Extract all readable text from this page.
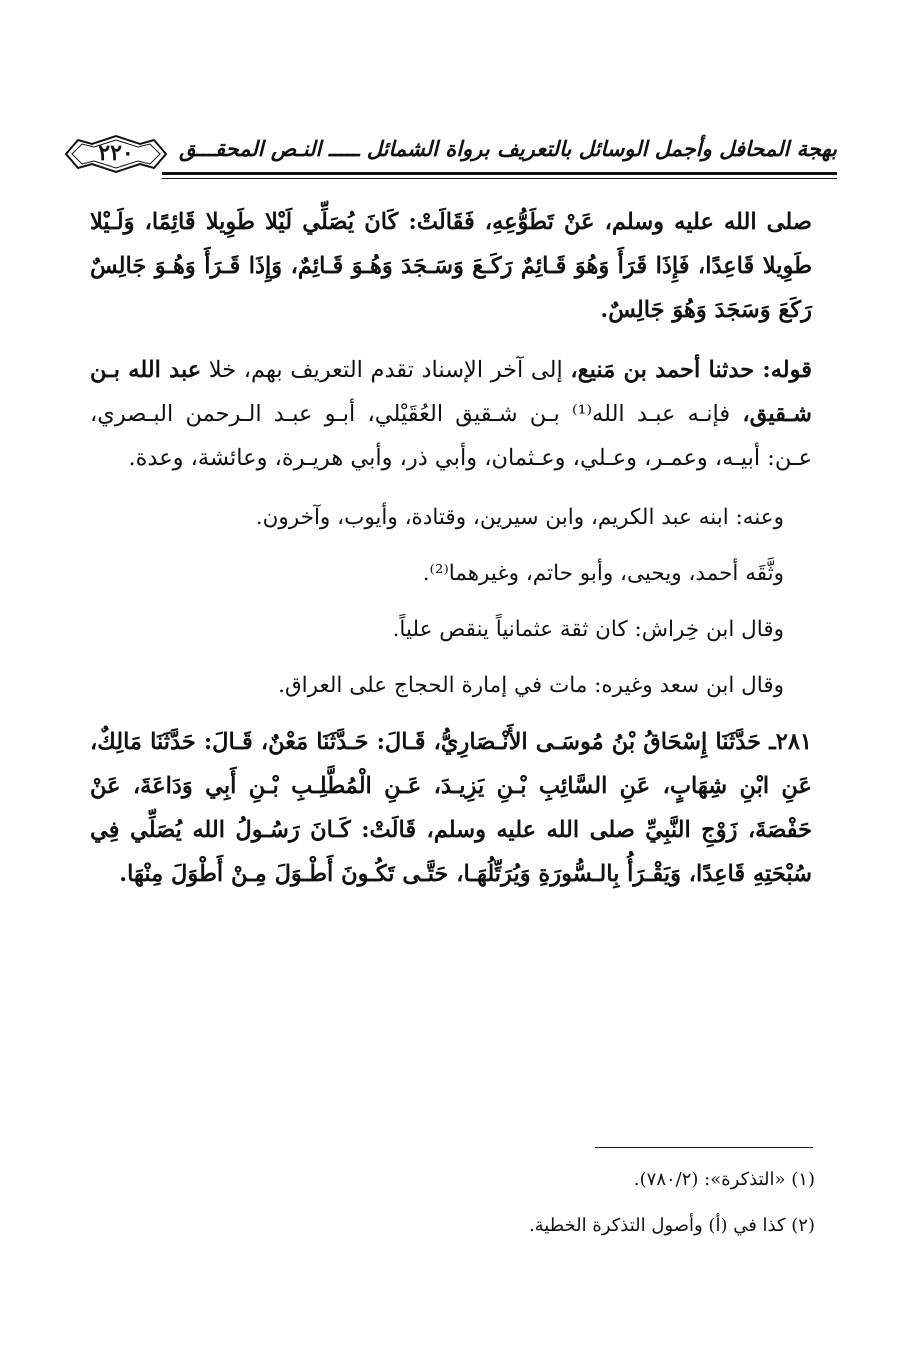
٢٢٠	بهجة المحافل وأجمل الوسائل بالتعريف برواة الشمائل ـــــ النـص المحقـــق

صلى الله عليه وسلم، عَنْ تَطَوُّعِهِ، فَقَالَتْ: كَانَ يُصَلِّي لَيْلا طَوِيلا قَائِمًا، وَلَـيْلا طَوِيلا قَاعِدًا، فَإِذَا قَرَأَ وَهُوَ قَـائِمٌ رَكَـعَ وَسَـجَدَ وَهُـوَ قَـائِمٌ، وَإِذَا قَـرَأَ وَهُـوَ جَالِسٌ رَكَعَ وَسَجَدَ وَهُوَ جَالِسٌ.

قوله: حدثنا أحمد بن مَنيع، إلى آخر الإسناد تقدم التعريف بهم، خلا عبد الله بـن شـقيق، فإنـه عبـد الله⁽¹⁾ بـن شـقيق العُقَيْلي، أبـو عبـد الـرحمن البـصري، عـن: أبيـه، وعمـر، وعـلي، وعـثمان، وأبي ذر، وأبي هريـرة، وعائشة، وعدة.

وعنه: ابنه عبد الكريم، وابن سيرين، وقتادة، وأيوب، وآخرون.

وثَّقَه أحمد، ويحيى، وأبو حاتم، وغيرهما⁽²⁾.

وقال ابن خِراش: كان ثقة عثمانياً ينقص علياً.

وقال ابن سعد وغيره: مات في إمارة الحجاج على العراق.

٢٨١ـ حَدَّثَنَا إِسْحَاقُ بْنُ مُوسَـى الأَنْـصَارِيُّ، قَـالَ: حَـدَّثَنَا مَعْنٌ، قَـالَ: حَدَّثَنَا مَالِكٌ، عَنِ ابْنِ شِهَابٍ، عَنِ السَّائِبِ بْـنِ يَزِيـدَ، عَـنِ الْمُطَّلِـبِ بْـنِ أَبِي وَدَاعَةَ، عَنْ حَفْصَةَ، زَوْجِ النَّبِيِّ صلى الله عليه وسلم، قَالَتْ: كَـانَ رَسُـولُ الله يُصَلِّي فِي سُبْحَتِهِ قَاعِدًا، وَيَقْـرَأُ بِالـسُّورَةِ وَيُرَتِّلُهَـا، حَتَّـى تَكُـونَ أَطْـوَلَ مِـنْ أَطْوَلَ مِنْهَا.

(١) «التذكرة»: (٧٨٠/٢).

(٢) كذا في (أ) وأصول التذكرة الخطية.
